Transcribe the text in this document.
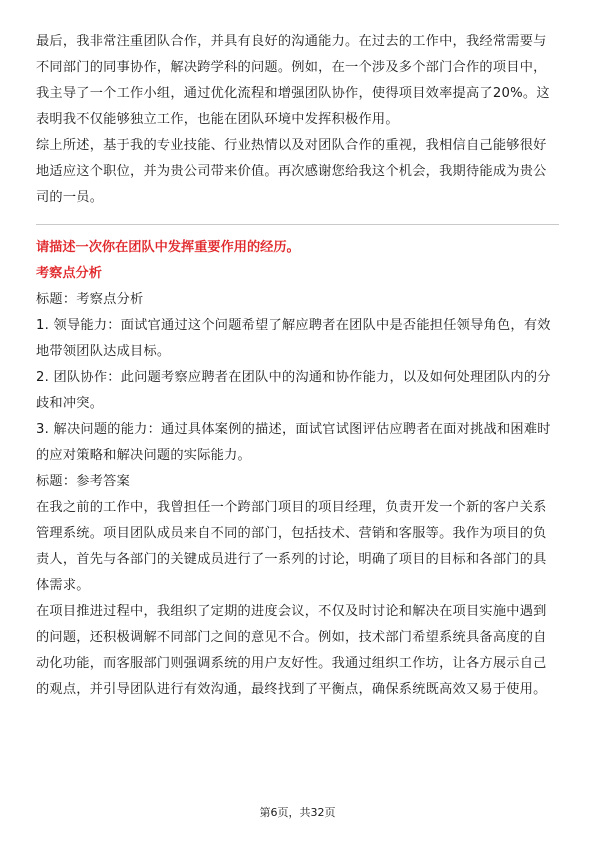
最后，我非常注重团队合作，并具有良好的沟通能力。在过去的工作中，我经常需要与不同部门的同事协作，解决跨学科的问题。例如，在一个涉及多个部门合作的项目中，我主导了一个工作小组，通过优化流程和增强团队协作，使得项目效率提高了20%。这表明我不仅能够独立工作，也能在团队环境中发挥积极作用。

综上所述，基于我的专业技能、行业热情以及对团队合作的重视，我相信自己能够很好地适应这个职位，并为贵公司带来价值。再次感谢您给我这个机会，我期待能成为贵公司的一员。

请描述一次你在团队中发挥重要作用的经历。

考察点分析

标题：考察点分析

1. 领导能力：面试官通过这个问题希望了解应聘者在团队中是否能担任领导角色，有效地带领团队达成目标。

2. 团队协作：此问题考察应聘者在团队中的沟通和协作能力，以及如何处理团队内的分歧和冲突。

3. 解决问题的能力：通过具体案例的描述，面试官试图评估应聘者在面对挑战和困难时的应对策略和解决问题的实际能力。

标题：参考答案

在我之前的工作中，我曾担任一个跨部门项目的项目经理，负责开发一个新的客户关系管理系统。项目团队成员来自不同的部门，包括技术、营销和客服等。我作为项目的负责人，首先与各部门的关键成员进行了一系列的讨论，明确了项目的目标和各部门的具体需求。

在项目推进过程中，我组织了定期的进度会议，不仅及时讨论和解决在项目实施中遇到的问题，还积极调解不同部门之间的意见不合。例如，技术部门希望系统具备高度的自动化功能，而客服部门则强调系统的用户友好性。我通过组织工作坊，让各方展示自己的观点，并引导团队进行有效沟通，最终找到了平衡点，确保系统既高效又易于使用。

第6页，共32页
